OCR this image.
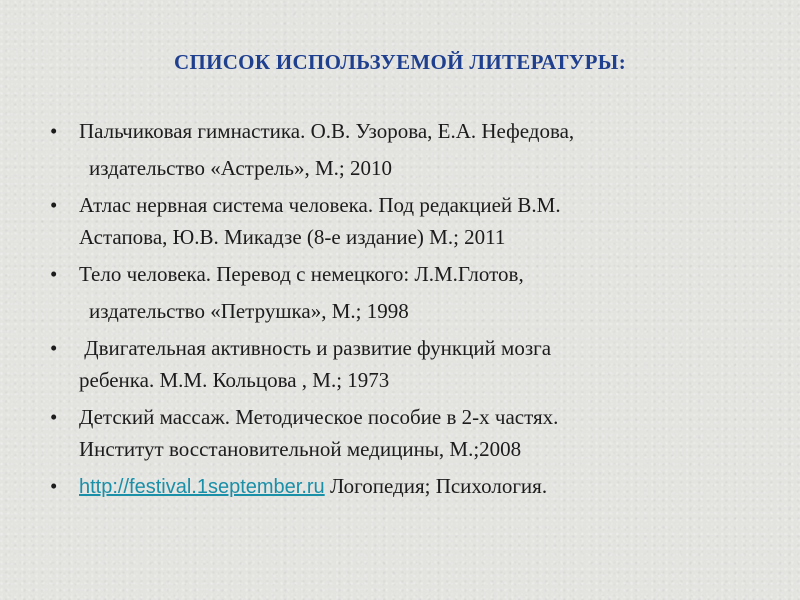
СПИСОК ИСПОЛЬЗУЕМОЙ ЛИТЕРАТУРЫ:
• Пальчиковая гимнастика. О.В. Узорова, Е.А. Нефедова,
издательство «Астрель», М.; 2010
• Атлас нервная система человека. Под редакцией В.М.
Астапова, Ю.В. Микадзе (8-е издание) М.; 2011
• Тело человека. Перевод с немецкого: Л.М.Глотов,
издательство «Петрушка», М.; 1998
• Двигательная активность и развитие функций мозга
ребенка. М.М. Кольцова , М.; 1973
• Детский массаж. Методическое пособие в 2-х частях.
Институт восстановительной медицины, М.;2008
• http://festival.1september.ru Логопедия; Психология.
